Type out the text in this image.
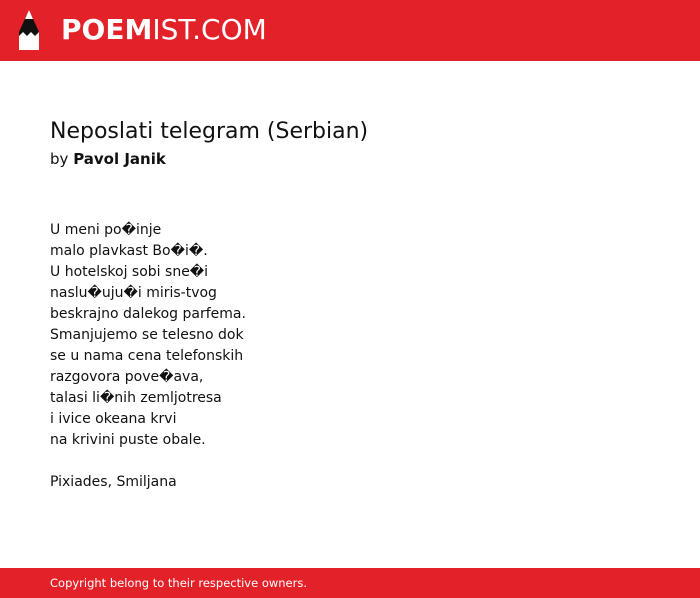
POEMIST.COM
Neposlati telegram (Serbian)
by Pavol Janik
U meni po�inje
malo plavkast Bo�i�.
U hotelskoj sobi sne�i
naslu�uju�i miris-tvog
beskrajno dalekog parfema.
Smanjujemo se telesno dok
se u nama cena telefonskih
razgovora pove�ava,
talasi li�nih zemljotresa
i ivice okeana krvi
na krivini puste obale.
Pixiades, Smiljana
Copyright belong to their respective owners.
